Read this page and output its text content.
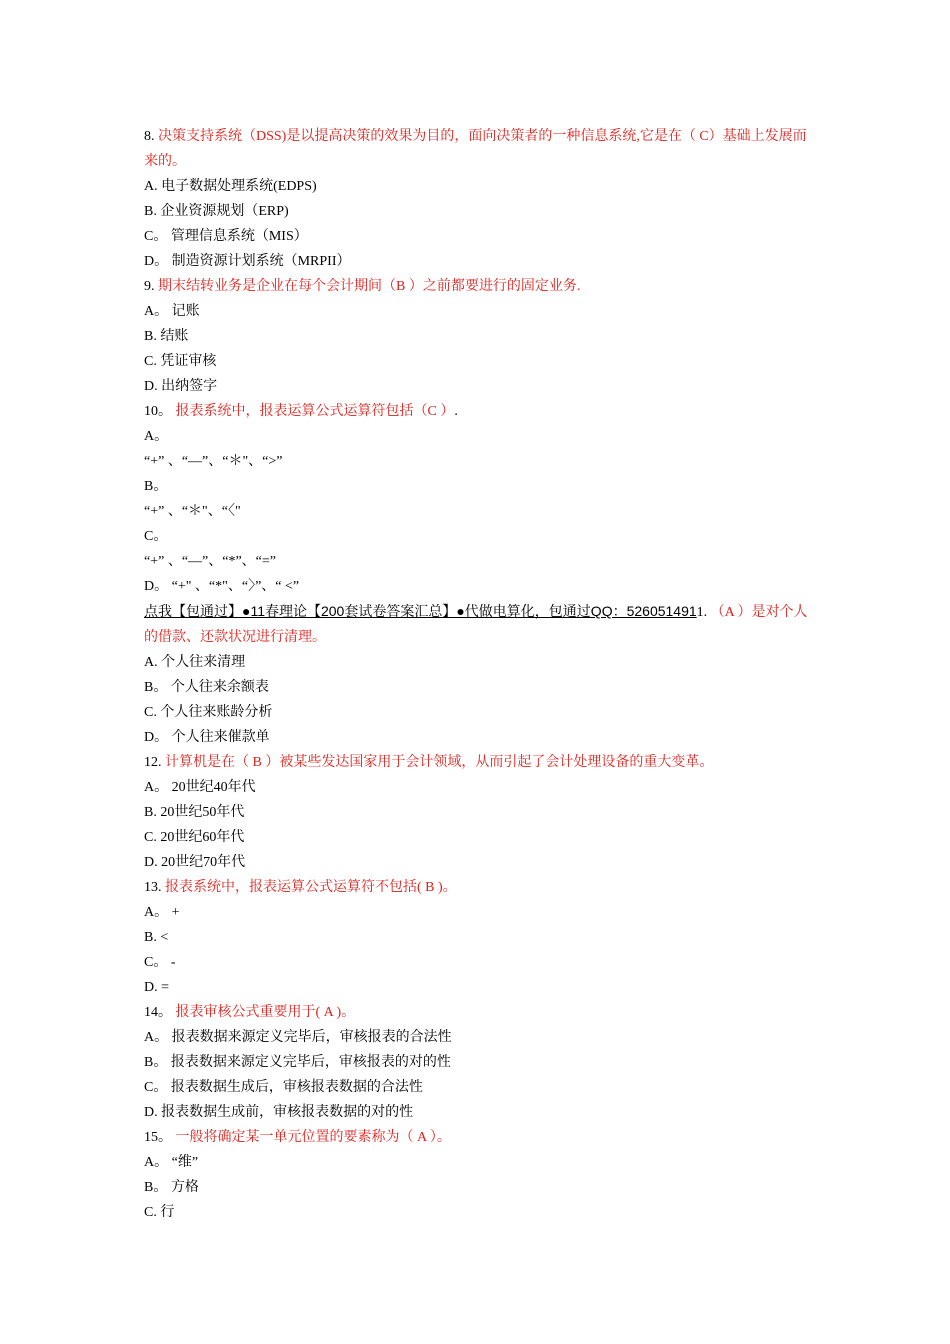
8. 决策支持系统（DSS)是以提高决策的效果为目的，面向决策者的一种信息系统,它是在（ C）基础上发展而来的。
A. 电子数据处理系统(EDPS)
B. 企业资源规划（ERP)
C。 管理信息系统（MIS）
D。 制造资源计划系统（MRPII）
9. 期末结转业务是企业在每个会计期间（B ）之前都要进行的固定业务.
A。 记账
B. 结账
C. 凭证审核
D. 出纳签字
10。 报表系统中，报表运算公式运算符包括（C ）.
A。
“+” 、“—”、“＊"、“>”
B。
“+” 、“＊"、“〈"
C。
“+” 、“—”、“*”、“=”
D。 “+" 、“*"、“〉”、“ <”
点我【包通过】●11春理论【200套试卷答案汇总】●代做电算化，包通过QQ：5260514911. （A ）是对个人的借款、还款状况进行清理。
A. 个人往来清理
B。 个人往来余额表
C. 个人往来账龄分析
D。 个人往来催款单
12. 计算机是在（ B ）被某些发达国家用于会计领域，从而引起了会计处理设备的重大变革。
A。 20世纪40年代
B. 20世纪50年代
C. 20世纪60年代
D. 20世纪70年代
13. 报表系统中，报表运算公式运算符不包括( B )。
A。 +
B. <
C。 -
D. =
14。 报表审核公式重要用于( A )。
A。 报表数据来源定义完毕后，审核报表的合法性
B。 报表数据来源定义完毕后，审核报表的对的性
C。 报表数据生成后，审核报表数据的合法性
D. 报表数据生成前，审核报表数据的对的性
15。 一般将确定某一单元位置的要素称为（ A ）。
A。 “维”
B。 方格
C. 行
